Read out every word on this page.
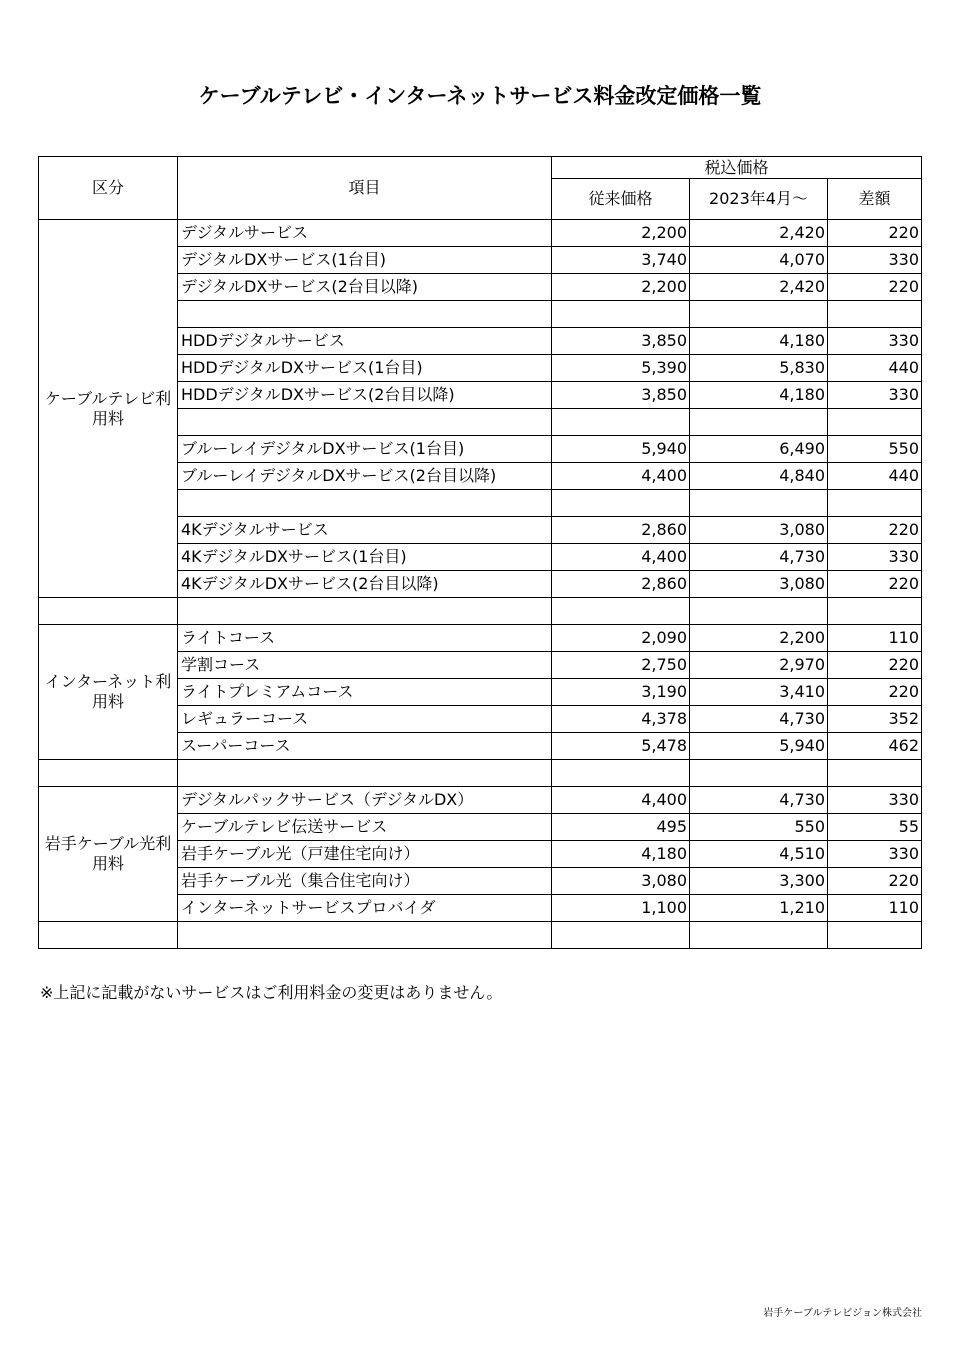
ケーブルテレビ・インターネットサービス料金改定価格一覧
区分	項目	税込価格		
		従来価格	2023年4月～	差額
ケーブルテレビ利用料	デジタルサービス	2,200	2,420	220
	デジタルDXサービス(1台目)	3,740	4,070	330
	デジタルDXサービス(2台目以降)	2,200	2,420	220

	HDDデジタルサービス	3,850	4,180	330
	HDDデジタルDXサービス(1台目)	5,390	5,830	440
	HDDデジタルDXサービス(2台目以降)	3,850	4,180	330

	ブルーレイデジタルDXサービス(1台目)	5,940	6,490	550
	ブルーレイデジタルDXサービス(2台目以降)	4,400	4,840	440

	4Kデジタルサービス	2,860	3,080	220
	4KデジタルDXサービス(1台目)	4,400	4,730	330
	4KデジタルDXサービス(2台目以降)	2,860	3,080	220

インターネット利用料	ライトコース	2,090	2,200	110
	学割コース	2,750	2,970	220
	ライトプレミアムコース	3,190	3,410	220
	レギュラーコース	4,378	4,730	352
	スーパーコース	5,478	5,940	462

岩手ケーブル光利用料	デジタルパックサービス（デジタルDX）	4,400	4,730	330
	ケーブルテレビ伝送サービス	495	550	55
	岩手ケーブル光（戸建住宅向け）	4,180	4,510	330
	岩手ケーブル光（集合住宅向け）	3,080	3,300	220
	インターネットサービスプロバイダ	1,100	1,210	110

※上記に記載がないサービスはご利用料金の変更はありません。
岩手ケーブルテレビジョン株式会社
